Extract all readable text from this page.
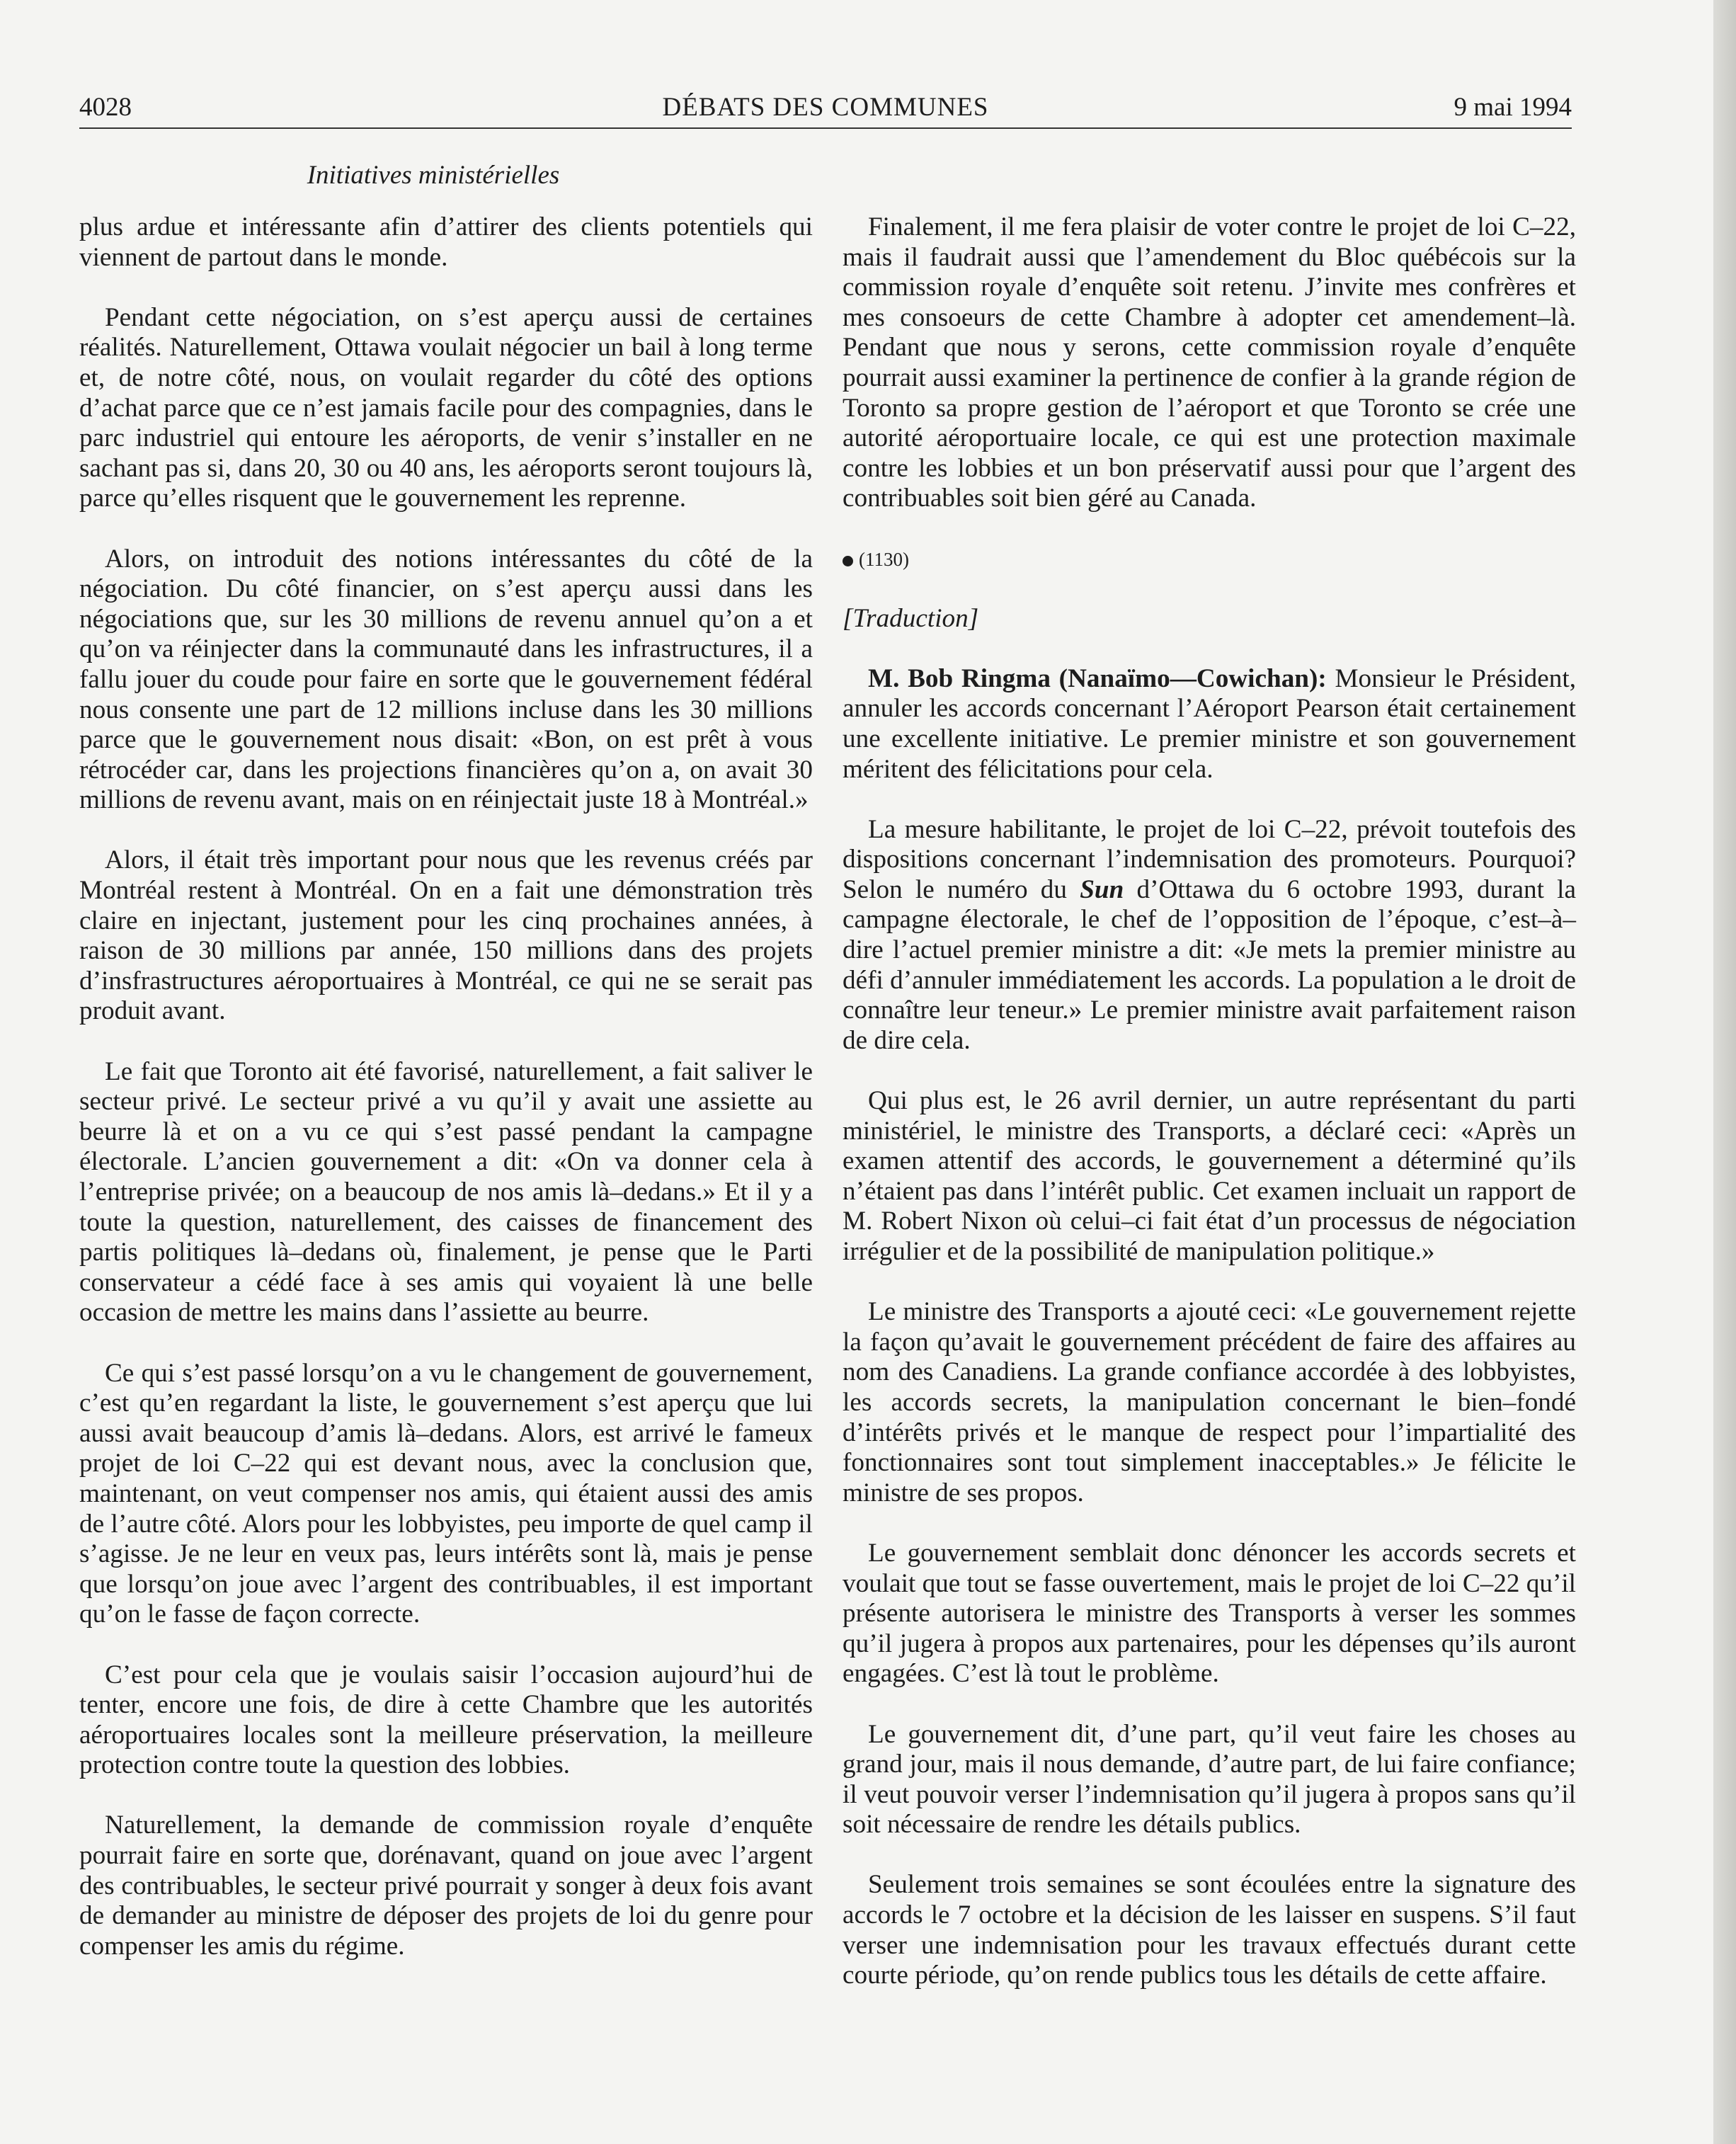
4028	DÉBATS DES COMMUNES	9 mai 1994
Initiatives ministérielles

plus ardue et intéressante afin d’attirer des clients potentiels qui viennent de partout dans le monde.

Pendant cette négociation, on s’est aperçu aussi de certaines réalités. Naturellement, Ottawa voulait négocier un bail à long terme et, de notre côté, nous, on voulait regarder du côté des options d’achat parce que ce n’est jamais facile pour des compagnies, dans le parc industriel qui entoure les aéroports, de venir s’installer en ne sachant pas si, dans 20, 30 ou 40 ans, les aéroports seront toujours là, parce qu’elles risquent que le gouvernement les reprenne.

Alors, on introduit des notions intéressantes du côté de la négociation. Du côté financier, on s’est aperçu aussi dans les négociations que, sur les 30 millions de revenu annuel qu’on a et qu’on va réinjecter dans la communauté dans les infrastructures, il a fallu jouer du coude pour faire en sorte que le gouvernement fédéral nous consente une part de 12 millions incluse dans les 30 millions parce que le gouvernement nous disait: «Bon, on est prêt à vous rétrocéder car, dans les projections financières qu’on a, on avait 30 millions de revenu avant, mais on en réinjectait juste 18 à Montréal.»

Alors, il était très important pour nous que les revenus créés par Montréal restent à Montréal. On en a fait une démonstration très claire en injectant, justement pour les cinq prochaines années, à raison de 30 millions par année, 150 millions dans des projets d’insfrastructures aéroportuaires à Montréal, ce qui ne se serait pas produit avant.

Le fait que Toronto ait été favorisé, naturellement, a fait saliver le secteur privé. Le secteur privé a vu qu’il y avait une assiette au beurre là et on a vu ce qui s’est passé pendant la campagne électorale. L’ancien gouvernement a dit: «On va donner cela à l’entreprise privée; on a beaucoup de nos amis là–dedans.» Et il y a toute la question, naturellement, des caisses de financement des partis politiques là–dedans où, finalement, je pense que le Parti conservateur a cédé face à ses amis qui voyaient là une belle occasion de mettre les mains dans l’assiette au beurre.

Ce qui s’est passé lorsqu’on a vu le changement de gouvernement, c’est qu’en regardant la liste, le gouvernement s’est aperçu que lui aussi avait beaucoup d’amis là–dedans. Alors, est arrivé le fameux projet de loi C–22 qui est devant nous, avec la conclusion que, maintenant, on veut compenser nos amis, qui étaient aussi des amis de l’autre côté. Alors pour les lobbyistes, peu importe de quel camp il s’agisse. Je ne leur en veux pas, leurs intérêts sont là, mais je pense que lorsqu’on joue avec l’argent des contribuables, il est important qu’on le fasse de façon correcte.

C’est pour cela que je voulais saisir l’occasion aujourd’hui de tenter, encore une fois, de dire à cette Chambre que les autorités aéroportuaires locales sont la meilleure préservation, la meilleure protection contre toute la question des lobbies.

Naturellement, la demande de commission royale d’enquête pourrait faire en sorte que, dorénavant, quand on joue avec l’argent des contribuables, le secteur privé pourrait y songer à deux fois avant de demander au ministre de déposer des projets de loi du genre pour compenser les amis du régime.

Finalement, il me fera plaisir de voter contre le projet de loi C–22, mais il faudrait aussi que l’amendement du Bloc québécois sur la commission royale d’enquête soit retenu. J’invite mes confrères et mes consoeurs de cette Chambre à adopter cet amendement–là. Pendant que nous y serons, cette commission royale d’enquête pourrait aussi examiner la pertinence de confier à la grande région de Toronto sa propre gestion de l’aéroport et que Toronto se crée une autorité aéroportuaire locale, ce qui est une protection maximale contre les lobbies et un bon préservatif aussi pour que l’argent des contribuables soit bien géré au Canada.

(1130)
[Traduction]

M. Bob Ringma (Nanaïmo—Cowichan): Monsieur le Président, annuler les accords concernant l’Aéroport Pearson était certainement une excellente initiative. Le premier ministre et son gouvernement méritent des félicitations pour cela.

La mesure habilitante, le projet de loi C–22, prévoit toutefois des dispositions concernant l’indemnisation des promoteurs. Pourquoi? Selon le numéro du Sun d’Ottawa du 6 octobre 1993, durant la campagne électorale, le chef de l’opposition de l’époque, c’est–à–dire l’actuel premier ministre a dit: «Je mets la premier ministre au défi d’annuler immédiatement les accords. La population a le droit de connaître leur teneur.» Le premier ministre avait parfaitement raison de dire cela.

Qui plus est, le 26 avril dernier, un autre représentant du parti ministériel, le ministre des Transports, a déclaré ceci: «Après un examen attentif des accords, le gouvernement a déterminé qu’ils n’étaient pas dans l’intérêt public. Cet examen incluait un rapport de M. Robert Nixon où celui–ci fait état d’un processus de négociation irrégulier et de la possibilité de manipulation politique.»

Le ministre des Transports a ajouté ceci: «Le gouvernement rejette la façon qu’avait le gouvernement précédent de faire des affaires au nom des Canadiens. La grande confiance accordée à des lobbyistes, les accords secrets, la manipulation concernant le bien–fondé d’intérêts privés et le manque de respect pour l’impartialité des fonctionnaires sont tout simplement inacceptables.» Je félicite le ministre de ses propos.

Le gouvernement semblait donc dénoncer les accords secrets et voulait que tout se fasse ouvertement, mais le projet de loi C–22 qu’il présente autorisera le ministre des Transports à verser les sommes qu’il jugera à propos aux partenaires, pour les dépenses qu’ils auront engagées. C’est là tout le problème.

Le gouvernement dit, d’une part, qu’il veut faire les choses au grand jour, mais il nous demande, d’autre part, de lui faire confiance; il veut pouvoir verser l’indemnisation qu’il jugera à propos sans qu’il soit nécessaire de rendre les détails publics.

Seulement trois semaines se sont écoulées entre la signature des accords le 7 octobre et la décision de les laisser en suspens. S’il faut verser une indemnisation pour les travaux effectués durant cette courte période, qu’on rende publics tous les détails de cette affaire.
